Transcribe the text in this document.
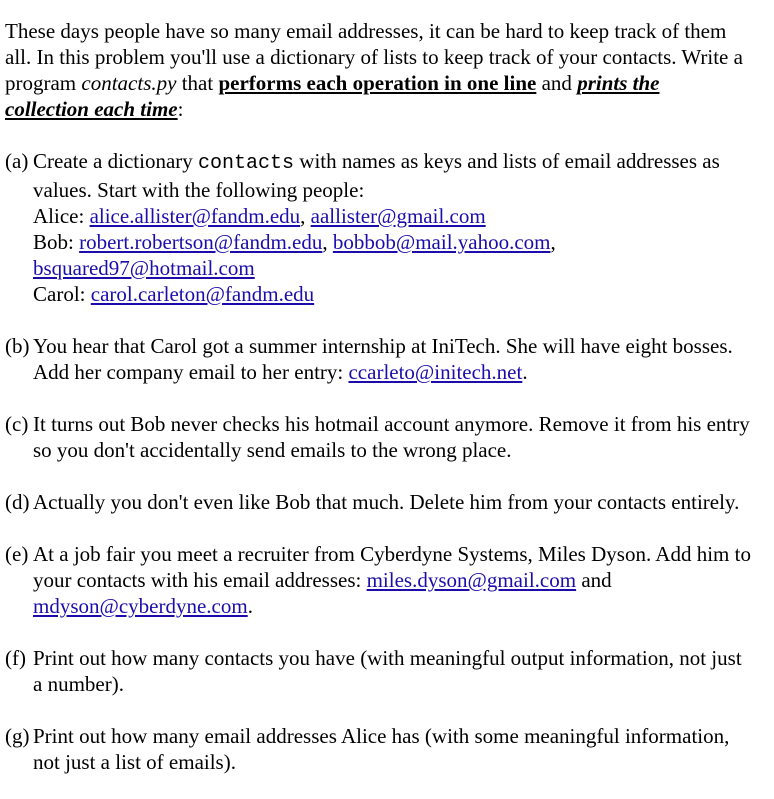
These days people have so many email addresses, it can be hard to keep track of them all. In this problem you'll use a dictionary of lists to keep track of your contacts. Write a program contacts.py that performs each operation in one line and prints the collection each time:

(a) Create a dictionary contacts with names as keys and lists of email addresses as values. Start with the following people:
Alice: alice.allister@fandm.edu, aallister@gmail.com
Bob: robert.robertson@fandm.edu, bobbob@mail.yahoo.com,
bsquared97@hotmail.com
Carol: carol.carleton@fandm.edu
(b) You hear that Carol got a summer internship at IniTech. She will have eight bosses. Add her company email to her entry: ccarleto@initech.net.
(c) It turns out Bob never checks his hotmail account anymore. Remove it from his entry so you don't accidentally send emails to the wrong place.
(d) Actually you don't even like Bob that much. Delete him from your contacts entirely.
(e) At a job fair you meet a recruiter from Cyberdyne Systems, Miles Dyson. Add him to your contacts with his email addresses: miles.dyson@gmail.com and mdyson@cyberdyne.com.
(f) Print out how many contacts you have (with meaningful output information, not just a number).
(g) Print out how many email addresses Alice has (with some meaningful information, not just a list of emails).
